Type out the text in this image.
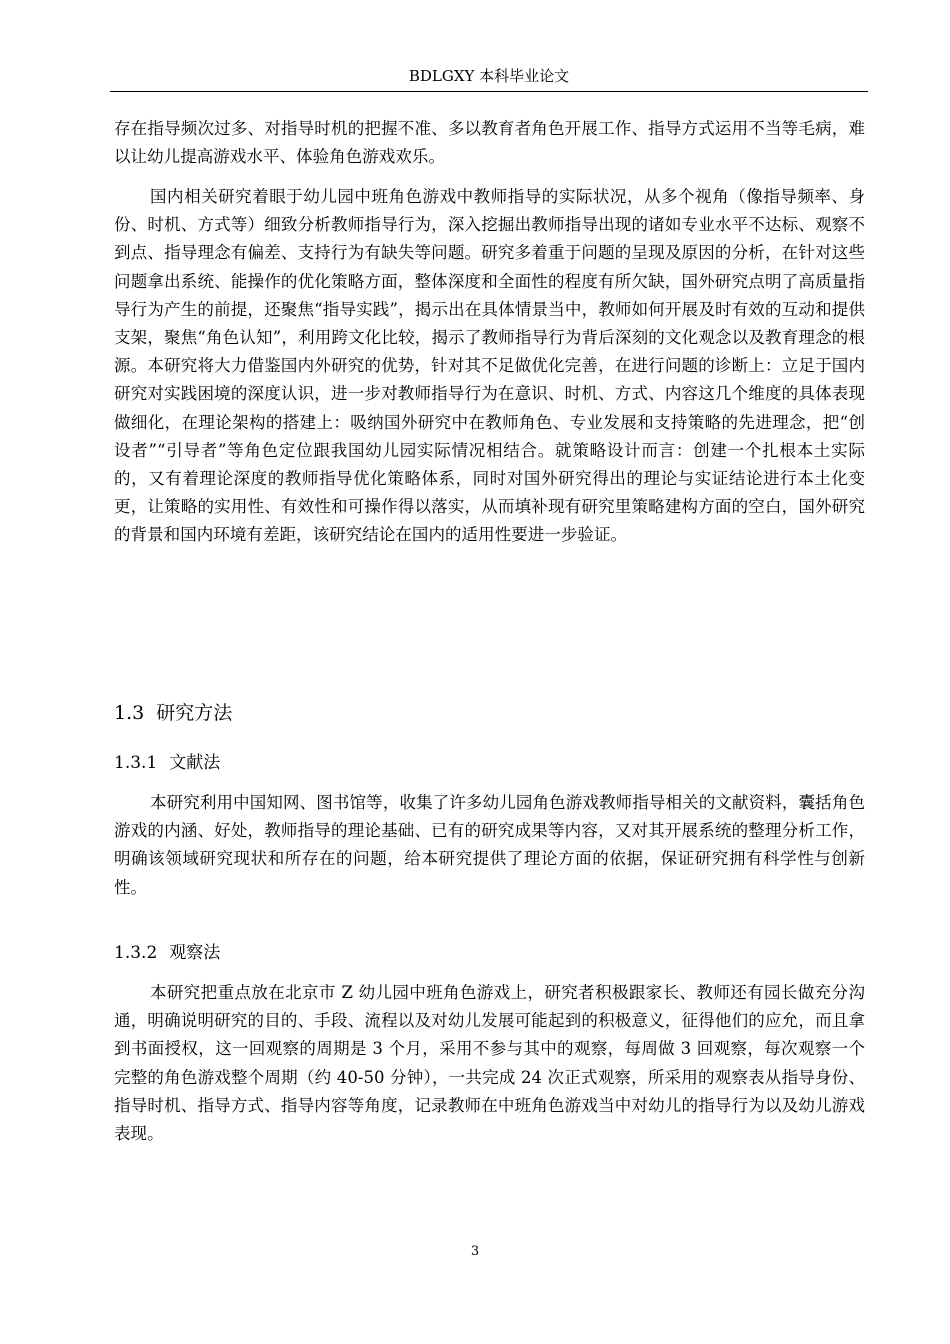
BDLGXY 本科毕业论文

存在指导频次过多、对指导时机的把握不准、多以教育者角色开展工作、指导方式运用不当等毛病，难以让幼儿提高游戏水平、体验角色游戏欢乐。

国内相关研究着眼于幼儿园中班角色游戏中教师指导的实际状况，从多个视角（像指导频率、身份、时机、方式等）细致分析教师指导行为，深入挖掘出教师指导出现的诸如专业水平不达标、观察不到点、指导理念有偏差、支持行为有缺失等问题。研究多着重于问题的呈现及原因的分析，在针对这些问题拿出系统、能操作的优化策略方面，整体深度和全面性的程度有所欠缺，国外研究点明了高质量指导行为产生的前提，还聚焦“指导实践”，揭示出在具体情景当中，教师如何开展及时有效的互动和提供支架，聚焦“角色认知”，利用跨文化比较，揭示了教师指导行为背后深刻的文化观念以及教育理念的根源。本研究将大力借鉴国内外研究的优势，针对其不足做优化完善，在进行问题的诊断上：立足于国内研究对实践困境的深度认识，进一步对教师指导行为在意识、时机、方式、内容这几个维度的具体表现做细化，在理论架构的搭建上：吸纳国外研究中在教师角色、专业发展和支持策略的先进理念，把“创设者”“引导者”等角色定位跟我国幼儿园实际情况相结合。就策略设计而言：创建一个扎根本土实际的，又有着理论深度的教师指导优化策略体系，同时对国外研究得出的理论与实证结论进行本土化变更，让策略的实用性、有效性和可操作得以落实，从而填补现有研究里策略建构方面的空白，国外研究的背景和国内环境有差距，该研究结论在国内的适用性要进一步验证。

1.3 研究方法
1.3.1 文献法

本研究利用中国知网、图书馆等，收集了许多幼儿园角色游戏教师指导相关的文献资料，囊括角色游戏的内涵、好处，教师指导的理论基础、已有的研究成果等内容，又对其开展系统的整理分析工作，明确该领域研究现状和所存在的问题，给本研究提供了理论方面的依据，保证研究拥有科学性与创新性。

1.3.2 观察法

本研究把重点放在北京市 Z 幼儿园中班角色游戏上，研究者积极跟家长、教师还有园长做充分沟通，明确说明研究的目的、手段、流程以及对幼儿发展可能起到的积极意义，征得他们的应允，而且拿到书面授权，这一回观察的周期是 3 个月，采用不参与其中的观察，每周做 3 回观察，每次观察一个完整的角色游戏整个周期（约 40-50 分钟），一共完成 24 次正式观察，所采用的观察表从指导身份、指导时机、指导方式、指导内容等角度，记录教师在中班角色游戏当中对幼儿的指导行为以及幼儿游戏表现。

3
